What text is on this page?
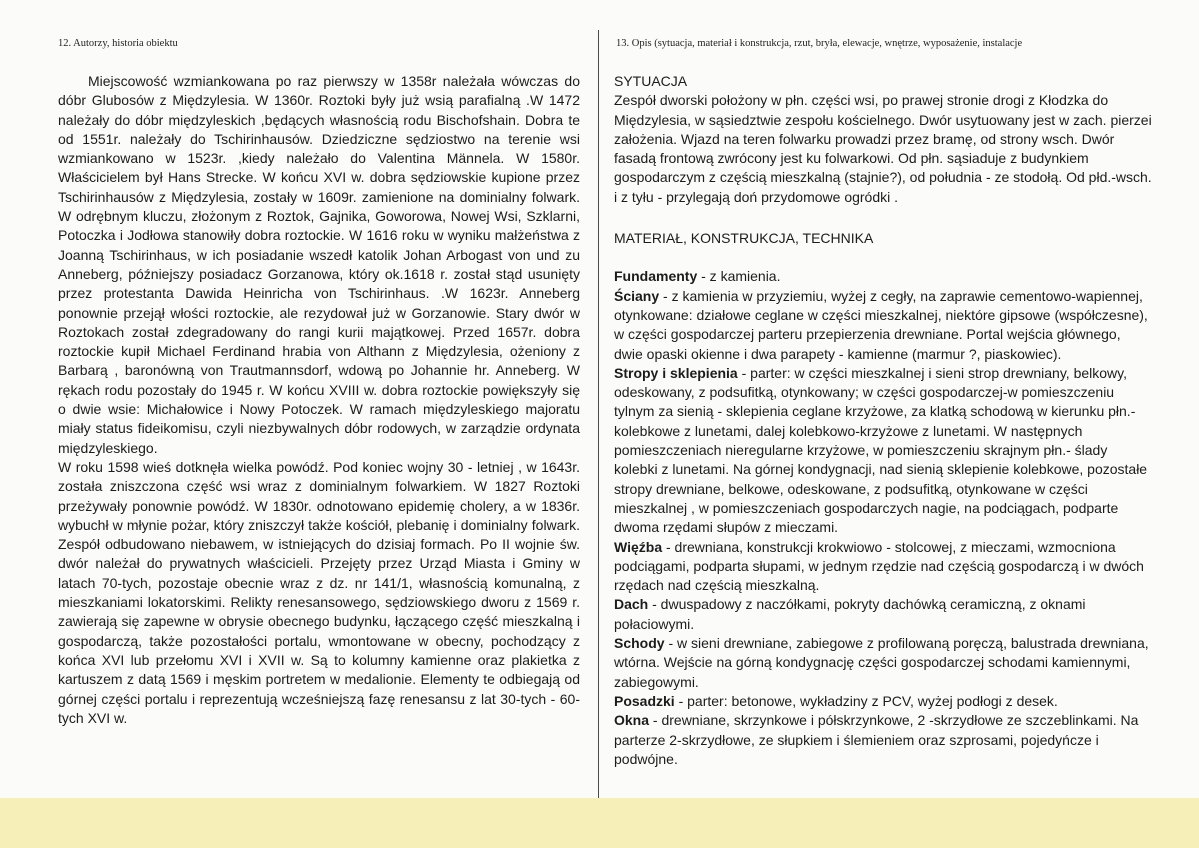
12. Autorzy, historia obiektu	13. Opis (sytuacja, materiał i konstrukcja, rzut, bryła, elewacje, wnętrze, wyposażenie, instalacje

Miejscowość wzmiankowana po raz pierwszy w 1358r należała wówczas do dóbr Glubosów z Międzylesia. W 1360r. Roztoki były już wsią parafialną .W 1472 należały do dóbr międzyleskich ,będących własnością rodu Bischofshain. Dobra te od 1551r. należały do Tschirinhausów. Dziedziczne sędziostwo na terenie wsi wzmiankowano w 1523r. ,kiedy należało do Valentina Männela. W 1580r. Właścicielem był Hans Strecke. W końcu XVI w. dobra sędziowskie kupione przez Tschirinhausów z Międzylesia, zostały w 1609r. zamienione na dominialny folwark. W odrębnym kluczu, złożonym z Roztok, Gajnika, Goworowa, Nowej Wsi, Szklarni, Potoczka i Jodłowa stanowiły dobra roztockie. W 1616 roku w wyniku małżeństwa z Joanną Tschirinhaus, w ich posiadanie wszedł katolik Johan Arbogast von und zu Anneberg, późniejszy posiadacz Gorzanowa, który ok.1618 r. został stąd usunięty przez protestanta Dawida Heinricha von Tschirinhaus. .W 1623r. Anneberg ponownie przejął włości roztockie, ale rezydował już w Gorzanowie. Stary dwór w Roztokach został zdegradowany do rangi kurii majątkowej. Przed 1657r. dobra roztockie kupił Michael Ferdinand hrabia von Althann z Międzylesia, ożeniony z Barbarą , baronówną von Trautmannsdorf, wdową po Johannie hr. Anneberg. W rękach rodu pozostały do 1945 r. W końcu XVIII w. dobra roztockie powiększyły się o dwie wsie: Michałowice i Nowy Potoczek. W ramach międzyleskiego majoratu miały status fideikomisu, czyli niezbywalnych dóbr rodowych, w zarządzie ordynata międzyleskiego.

W roku 1598 wieś dotknęła wielka powódź. Pod koniec wojny 30 - letniej , w 1643r. została zniszczona część wsi wraz z dominialnym folwarkiem. W 1827 Roztoki przeżywały ponownie powódź. W 1830r. odnotowano epidemię cholery, a w 1836r. wybuchł w młynie pożar, który zniszczył także kościół, plebanię i dominialny folwark. Zespół odbudowano niebawem, w istniejących do dzisiaj formach. Po II wojnie św. dwór należał do prywatnych właścicieli. Przejęty przez Urząd Miasta i Gminy w latach 70-tych, pozostaje obecnie wraz z dz. nr 141/1, własnością komunalną, z mieszkaniami lokatorskimi. Relikty renesansowego, sędziowskiego dworu z 1569 r. zawierają się zapewne w obrysie obecnego budynku, łączącego część mieszkalną i gospodarczą, także pozostałości portalu, wmontowane w obecny, pochodzący z końca XVI lub przełomu XVI i XVII w. Są to kolumny kamienne oraz plakietka z kartuszem z datą 1569 i męskim portretem w medalionie. Elementy te odbiegają od górnej części portalu i reprezentują wcześniejszą fazę renesansu z lat 30-tych - 60-tych XVI w.

SYTUACJA

Zespół dworski położony w płn. części wsi, po prawej stronie drogi z Kłodzka do Międzylesia, w sąsiedztwie zespołu kościelnego. Dwór usytuowany jest w zach. pierzei założenia. Wjazd na teren folwarku prowadzi przez bramę, od strony wsch. Dwór fasadą frontową zwrócony jest ku folwarkowi. Od płn. sąsiaduje z budynkiem gospodarczym z częścią mieszkalną (stajnie?), od południa - ze stodołą. Od płd.-wsch. i z tyłu - przylegają doń przydomowe ogródki .

MATERIAŁ, KONSTRUKCJA, TECHNIKA

Fundamenty - z kamienia.

Ściany - z kamienia w przyziemiu, wyżej z cegły, na zaprawie cementowo-wapiennej, otynkowane: działowe ceglane w części mieszkalnej, niektóre gipsowe (współczesne), w części gospodarczej parteru przepierzenia drewniane. Portal wejścia głównego, dwie opaski okienne i dwa parapety - kamienne (marmur ?, piaskowiec).

Stropy i sklepienia - parter: w części mieszkalnej i sieni strop drewniany, belkowy, odeskowany, z podsufitką, otynkowany; w części gospodarczej-w pomieszczeniu tylnym za sienią - sklepienia ceglane krzyżowe, za klatką schodową w kierunku płn.- kolebkowe z lunetami, dalej kolebkowo-krzyżowe z lunetami. W następnych pomieszczeniach nieregularne krzyżowe, w pomieszczeniu skrajnym płn.- ślady kolebki z lunetami. Na górnej kondygnacji, nad sienią sklepienie kolebkowe, pozostałe stropy drewniane, belkowe, odeskowane, z podsufitką, otynkowane w części mieszkalnej , w pomieszczeniach gospodarczych nagie, na podciągach, podparte dwoma rzędami słupów z mieczami.

Więźba - drewniana, konstrukcji krokwiowo - stolcowej, z mieczami, wzmocniona podciągami, podparta słupami, w jednym rzędzie nad częścią gospodarczą i w dwóch rzędach nad częścią mieszkalną.

Dach - dwuspadowy z naczółkami, pokryty dachówką ceramiczną, z oknami połaciowymi.

Schody - w sieni drewniane, zabiegowe z profilowaną poręczą, balustrada drewniana, wtórna. Wejście na górną kondygnację części gospodarczej schodami kamiennymi, zabiegowymi.

Posadzki - parter: betonowe, wykładziny z PCV, wyżej podłogi z desek.

Okna - drewniane, skrzynkowe i półskrzynkowe, 2 -skrzydłowe ze szczeblinkami. Na parterze 2-skrzydłowe, ze słupkiem i ślemieniem oraz szprosami, pojedyńcze i podwójne.
